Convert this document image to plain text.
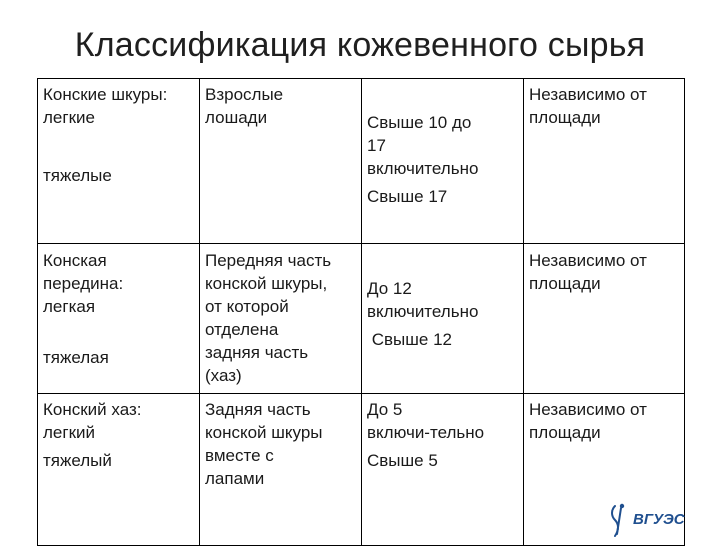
Классификация кожевенного сырья
Конские шкуры:
легкие
тяжелые
Взрослые
лошади	Свыше 10 до
17
включительно
Свыше 17
Независимо от
площади
Конская
передина:
легкая
тяжелая
Передняя часть
конской шкуры,
от которой
отделена
задняя часть
(хаз)
До 12
включительно
Свыше 12
Независимо от
площади
Конский хаз:
легкий
тяжелый
Задняя часть
конской шкуры
вместе с
лапами
До 5
включи-тельно
Свыше 5
Независимо от
площади
ВГУЭС
